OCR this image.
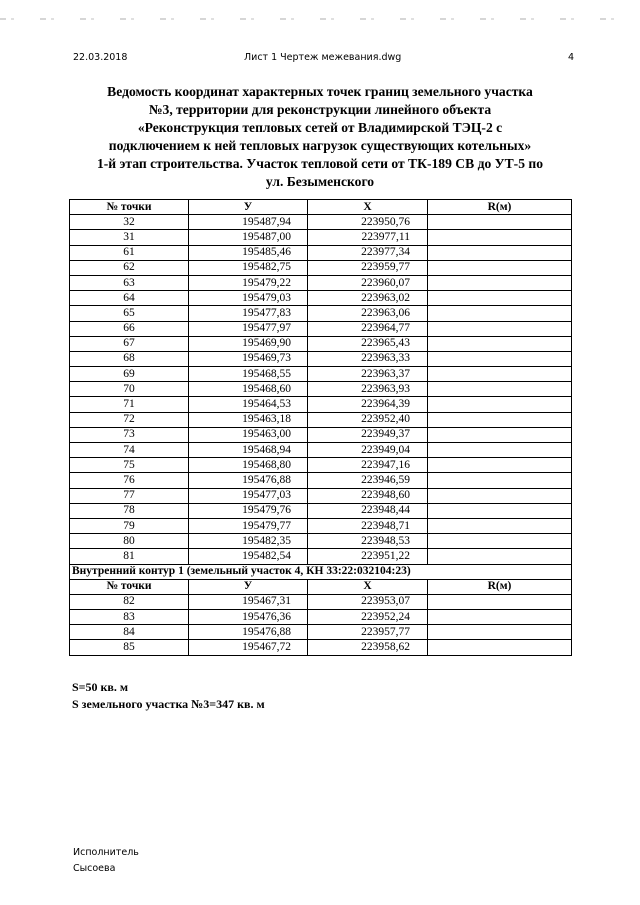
22.03.2018	Лист 1 Чертеж межевания.dwg	4
Ведомость координат характерных точек границ земельного участка
№3, территории для реконструкции линейного объекта
«Реконструкция тепловых сетей от Владимирской ТЭЦ-2 с
подключением к ней тепловых нагрузок существующих котельных»
1-й этап строительства. Участок тепловой сети от ТК-189 СВ до УТ-5 по
ул. Безыменского
№ точки	У	Х	R(м)
32	195487,94	223950,76	
31	195487,00	223977,11	
61	195485,46	223977,34	
62	195482,75	223959,77	
63	195479,22	223960,07	
64	195479,03	223963,02	
65	195477,83	223963,06	
66	195477,97	223964,77	
67	195469,90	223965,43	
68	195469,73	223963,33	
69	195468,55	223963,37	
70	195468,60	223963,93	
71	195464,53	223964,39	
72	195463,18	223952,40	
73	195463,00	223949,37	
74	195468,94	223949,04	
75	195468,80	223947,16	
76	195476,88	223946,59	
77	195477,03	223948,60	
78	195479,76	223948,44	
79	195479,77	223948,71	
80	195482,35	223948,53	
81	195482,54	223951,22	
Внутренний контур 1 (земельный участок 4, КН 33:22:032104:23)			
№ точки	У	Х	R(м)
82	195467,31	223953,07	
83	195476,36	223952,24	
84	195476,88	223957,77	
85	195467,72	223958,62	
S=50 кв. м
S земельного участка №3=347 кв. м
Исполнитель
Сысоева
